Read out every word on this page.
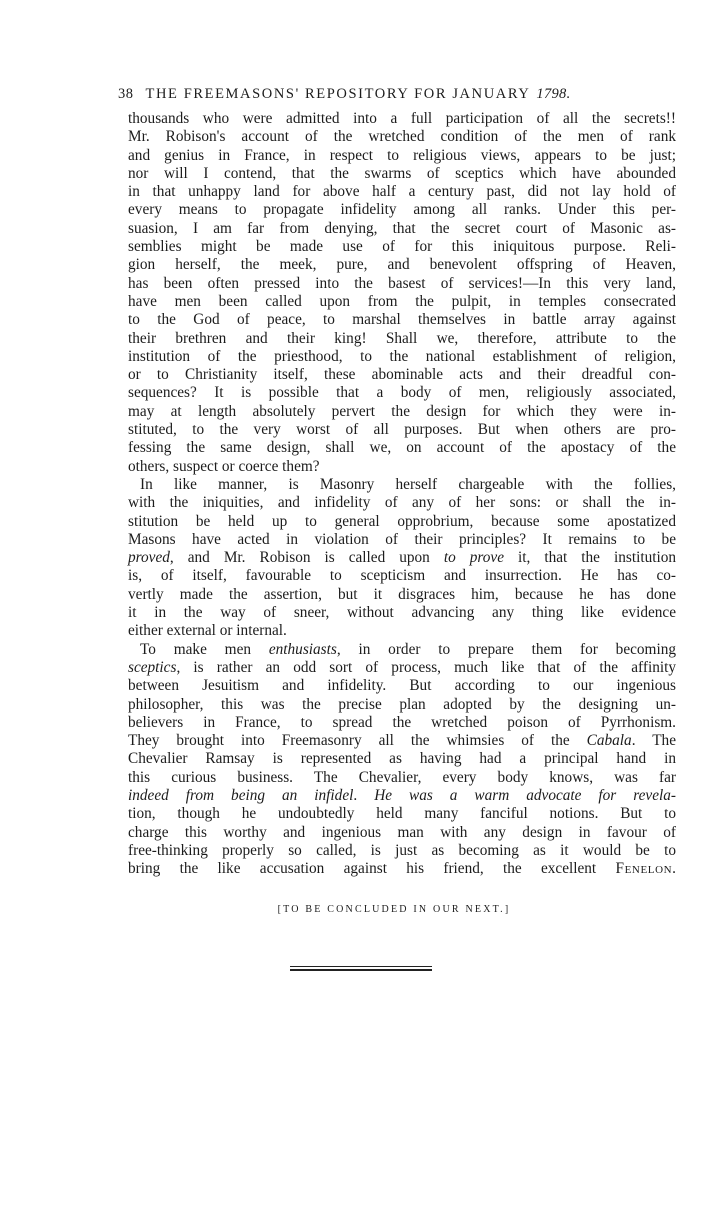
38 THE FREEMASONS' REPOSITORY FOR JANUARY 1798.

thousands who were admitted into a full participation of all the secrets!!
Mr. Robison's account of the wretched condition of the men of rank
and genius in France, in respect to religious views, appears to be just;
nor will I contend, that the swarms of sceptics which have abounded
in that unhappy land for above half a century past, did not lay hold of
every means to propagate infidelity among all ranks. Under this per-
suasion, I am far from denying, that the secret court of Masonic as-
semblies might be made use of for this iniquitous purpose. Reli-
gion herself, the meek, pure, and benevolent offspring of Heaven,
has been often pressed into the basest of services!—In this very land,
have men been called upon from the pulpit, in temples consecrated
to the God of peace, to marshal themselves in battle array against
their brethren and their king! Shall we, therefore, attribute to the
institution of the priesthood, to the national establishment of religion,
or to Christianity itself, these abominable acts and their dreadful con-
sequences? It is possible that a body of men, religiously associated,
may at length absolutely pervert the design for which they were in-
stituted, to the very worst of all purposes. But when others are pro-
fessing the same design, shall we, on account of the apostacy of the
others, suspect or coerce them?

In like manner, is Masonry herself chargeable with the follies,
with the iniquities, and infidelity of any of her sons: or shall the in-
stitution be held up to general opprobrium, because some apostatized
Masons have acted in violation of their principles? It remains to be
proved, and Mr. Robison is called upon to prove it, that the institution
is, of itself, favourable to scepticism and insurrection. He has co-
vertly made the assertion, but it disgraces him, because he has done
it in the way of sneer, without advancing any thing like evidence
either external or internal.

To make men enthusiasts, in order to prepare them for becoming
sceptics, is rather an odd sort of process, much like that of the affinity
between Jesuitism and infidelity. But according to our ingenious
philosopher, this was the precise plan adopted by the designing un-
believers in France, to spread the wretched poison of Pyrrhonism.
They brought into Freemasonry all the whimsies of the Cabala. The
Chevalier Ramsay is represented as having had a principal hand in
this curious business. The Chevalier, every body knows, was far
indeed from being an infidel. He was a warm advocate for revela-
tion, though he undoubtedly held many fanciful notions. But to
charge this worthy and ingenious man with any design in favour of
free-thinking properly so called, is just as becoming as it would be to
bring the like accusation against his friend, the excellent Fenelon.

[TO BE CONCLUDED IN OUR NEXT.]
